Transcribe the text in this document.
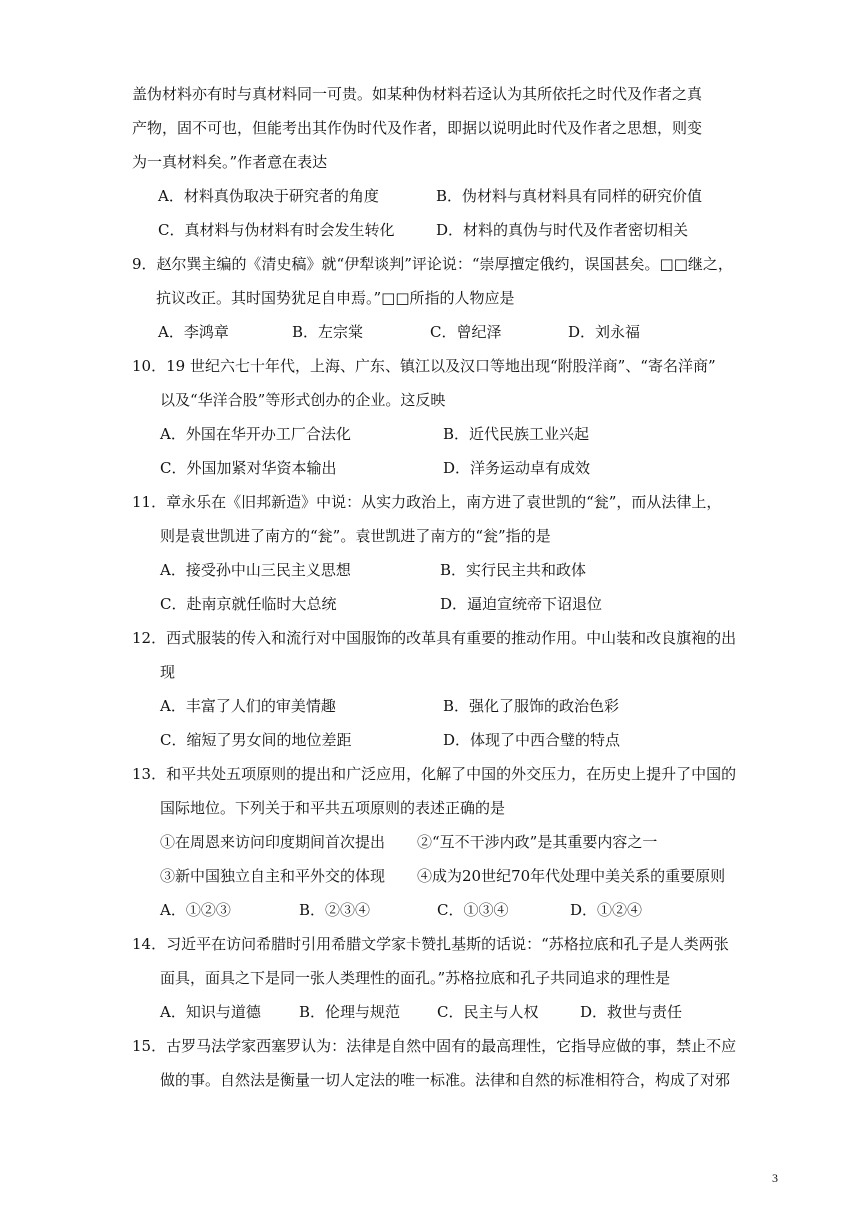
盖伪材料亦有时与真材料同一可贵。如某种伪材料若迳认为其所依托之时代及作者之真
产物，固不可也，但能考出其作伪时代及作者，即据以说明此时代及作者之思想，则变
为一真材料矣。”作者意在表达
A．材料真伪取决于研究者的角度	B．伪材料与真材料具有同样的研究价值
C．真材料与伪材料有时会发生转化	D．材料的真伪与时代及作者密切相关
9．赵尔巽主编的《清史稿》就“伊犁谈判”评论说：“崇厚擅定俄约，误国甚矣。□□继之，
抗议改正。其时国势犹足自申焉。”□□所指的人物应是
A．李鸿章	B．左宗棠	C．曾纪泽	D．刘永福
10．19 世纪六七十年代，上海、广东、镇江以及汉口等地出现“附股洋商”、“寄名洋商”
以及“华洋合股”等形式创办的企业。这反映
A．外国在华开办工厂合法化	B．近代民族工业兴起
C．外国加紧对华资本输出	D．洋务运动卓有成效
11．章永乐在《旧邦新造》中说：从实力政治上，南方进了袁世凯的“瓮”，而从法律上，
则是袁世凯进了南方的“瓮”。袁世凯进了南方的“瓮”指的是
A．接受孙中山三民主义思想	B．实行民主共和政体
C．赴南京就任临时大总统	D．逼迫宣统帝下诏退位
12．西式服装的传入和流行对中国服饰的改革具有重要的推动作用。中山装和改良旗袍的出
现
A．丰富了人们的审美情趣	B．强化了服饰的政治色彩
C．缩短了男女间的地位差距	D．体现了中西合璧的特点
13．和平共处五项原则的提出和广泛应用，化解了中国的外交压力，在历史上提升了中国的
国际地位。下列关于和平共五项原则的表述正确的是
①在周恩来访问印度期间首次提出 ②“互不干涉内政”是其重要内容之一
③新中国独立自主和平外交的体现 ④成为20世纪70年代处理中美关系的重要原则
A．①②③	B．②③④	C．①③④	D．①②④
14．习近平在访问希腊时引用希腊文学家卡赞扎基斯的话说：“苏格拉底和孔子是人类两张
面具，面具之下是同一张人类理性的面孔。”苏格拉底和孔子共同追求的理性是
A．知识与道德	B．伦理与规范 C．民主与人权	D．救世与责任
15．古罗马法学家西塞罗认为：法律是自然中固有的最高理性，它指导应做的事，禁止不应
做的事。自然法是衡量一切人定法的唯一标准。法律和自然的标准相符合，构成了对邪
3
